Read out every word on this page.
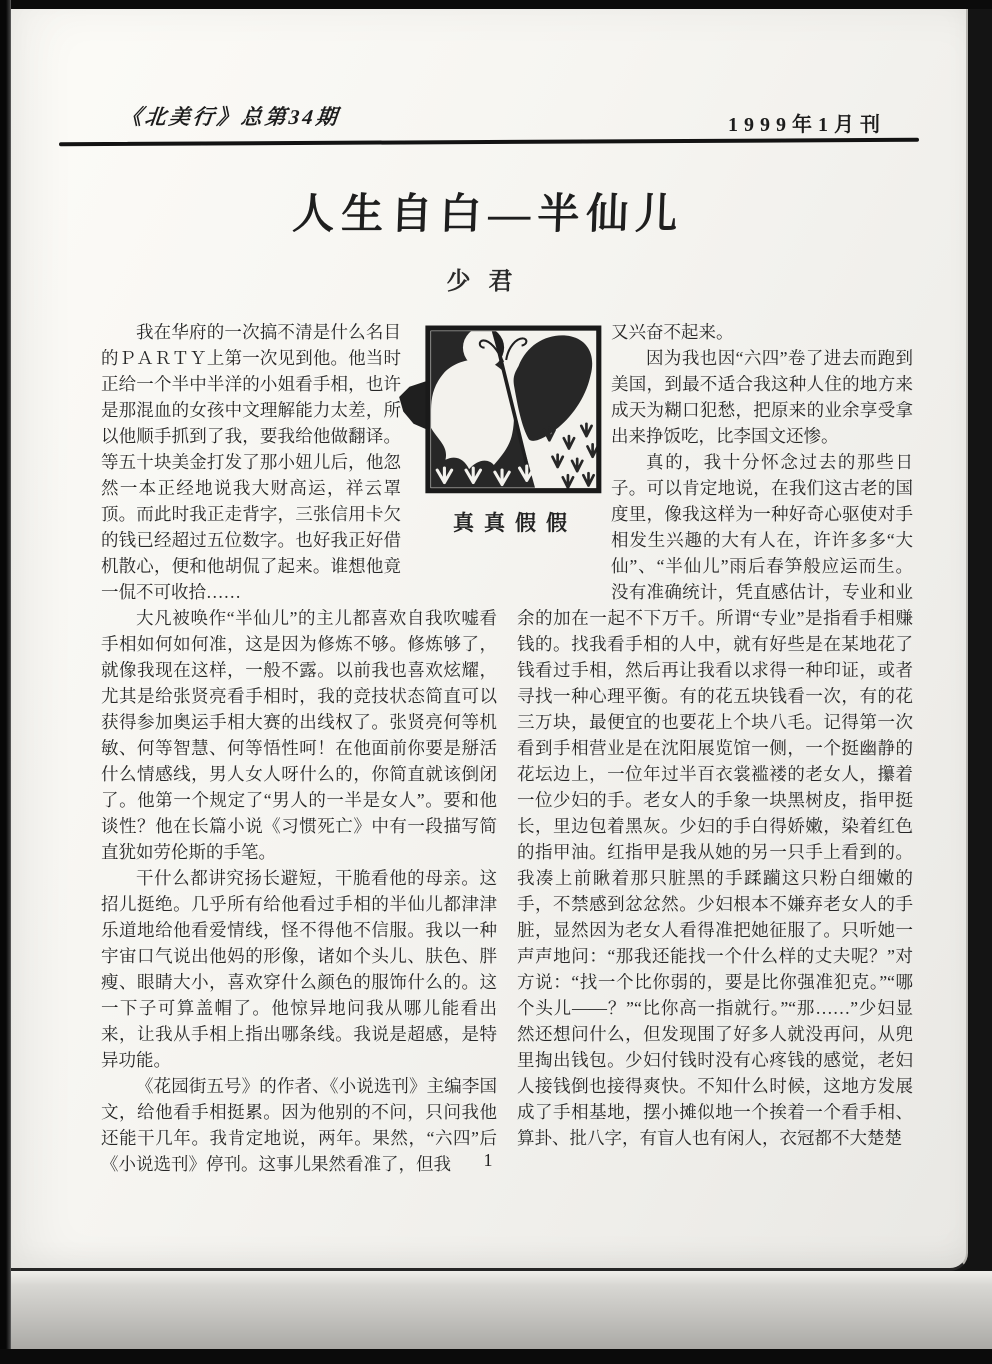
《北美行》总第34期	1999年1月刊
人生自白—半仙儿
少君
真真假假

我在华府的一次搞不清是什么名目的ＰＡＲＴＹ上第一次见到他。他当时正给一个半中半洋的小姐看手相，也许是那混血的女孩中文理解能力太差，所以他顺手抓到了我，要我给他做翻译。等五十块美金打发了那小妞儿后，他忽然一本正经地说我大财高运，祥云罩顶。而此时我正走背字，三张信用卡欠的钱已经超过五位数字。也好我正好借机散心，便和他胡侃了起来。谁想他竟一侃不可收拾……

大凡被唤作“半仙儿”的主儿都喜欢自我吹嘘看手相如何如何准，这是因为修炼不够。修炼够了，就像我现在这样，一般不露。以前我也喜欢炫耀，尤其是给张贤亮看手相时，我的竞技状态简直可以获得参加奥运手相大赛的出线权了。张贤亮何等机敏、何等智慧、何等悟性呵！在他面前你要是掰活什么情感线，男人女人呀什么的，你简直就该倒闭了。他第一个规定了“男人的一半是女人”。要和他谈性？他在长篇小说《习惯死亡》中有一段描写简直犹如劳伦斯的手笔。

干什么都讲究扬长避短，干脆看他的母亲。这招儿挺绝。几乎所有给他看过手相的半仙儿都津津乐道地给他看爱情线，怪不得他不信服。我以一种宇宙口气说出他妈的形像，诸如个头儿、肤色、胖瘦、眼睛大小，喜欢穿什么颜色的服饰什么的。这一下子可算盖帽了。他惊异地问我从哪儿能看出来，让我从手相上指出哪条线。我说是超感，是特异功能。

《花园街五号》的作者、《小说选刊》主编李国文，给他看手相挺累。因为他别的不问，只问我他还能干几年。我肯定地说，两年。果然，“六四”后《小说选刊》停刊。这事儿果然看准了，但我

又兴奋不起来。

因为我也因“六四”卷了进去而跑到美国，到最不适合我这种人住的地方来成天为糊口犯愁，把原来的业余享受拿出来挣饭吃，比李国文还惨。

真的，我十分怀念过去的那些日子。可以肯定地说，在我们这古老的国度里，像我这样为一种好奇心驱使对手相发生兴趣的大有人在，许许多多“大仙”、“半仙儿”雨后春笋般应运而生。没有准确统计，凭直感估计，专业和业余的加在一起不下万千。所谓“专业”是指看手相赚钱的。找我看手相的人中，就有好些是在某地花了钱看过手相，然后再让我看以求得一种印证，或者寻找一种心理平衡。有的花五块钱看一次，有的花三万块，最便宜的也要花上个块八毛。记得第一次看到手相营业是在沈阳展览馆一侧，一个挺幽静的花坛边上，一位年过半百衣裳褴褛的老女人，攥着一位少妇的手。老女人的手象一块黑树皮，指甲挺长，里边包着黑灰。少妇的手白得娇嫩，染着红色的指甲油。红指甲是我从她的另一只手上看到的。我凑上前瞅着那只脏黑的手蹂躏这只粉白细嫩的手，不禁感到忿忿然。少妇根本不嫌弃老女人的手脏，显然因为老女人看得准把她征服了。只听她一声声地问：“那我还能找一个什么样的丈夫呢？”对方说：“找一个比你弱的，要是比你强准犯克。”“哪个头儿——？”“比你高一指就行。”“那……”少妇显然还想问什么，但发现围了好多人就没再问，从兜里掏出钱包。少妇付钱时没有心疼钱的感觉，老妇人接钱倒也接得爽快。不知什么时候，这地方发展成了手相基地，摆小摊似地一个挨着一个看手相、算卦、批八字，有盲人也有闲人，衣冠都不大楚楚

1
